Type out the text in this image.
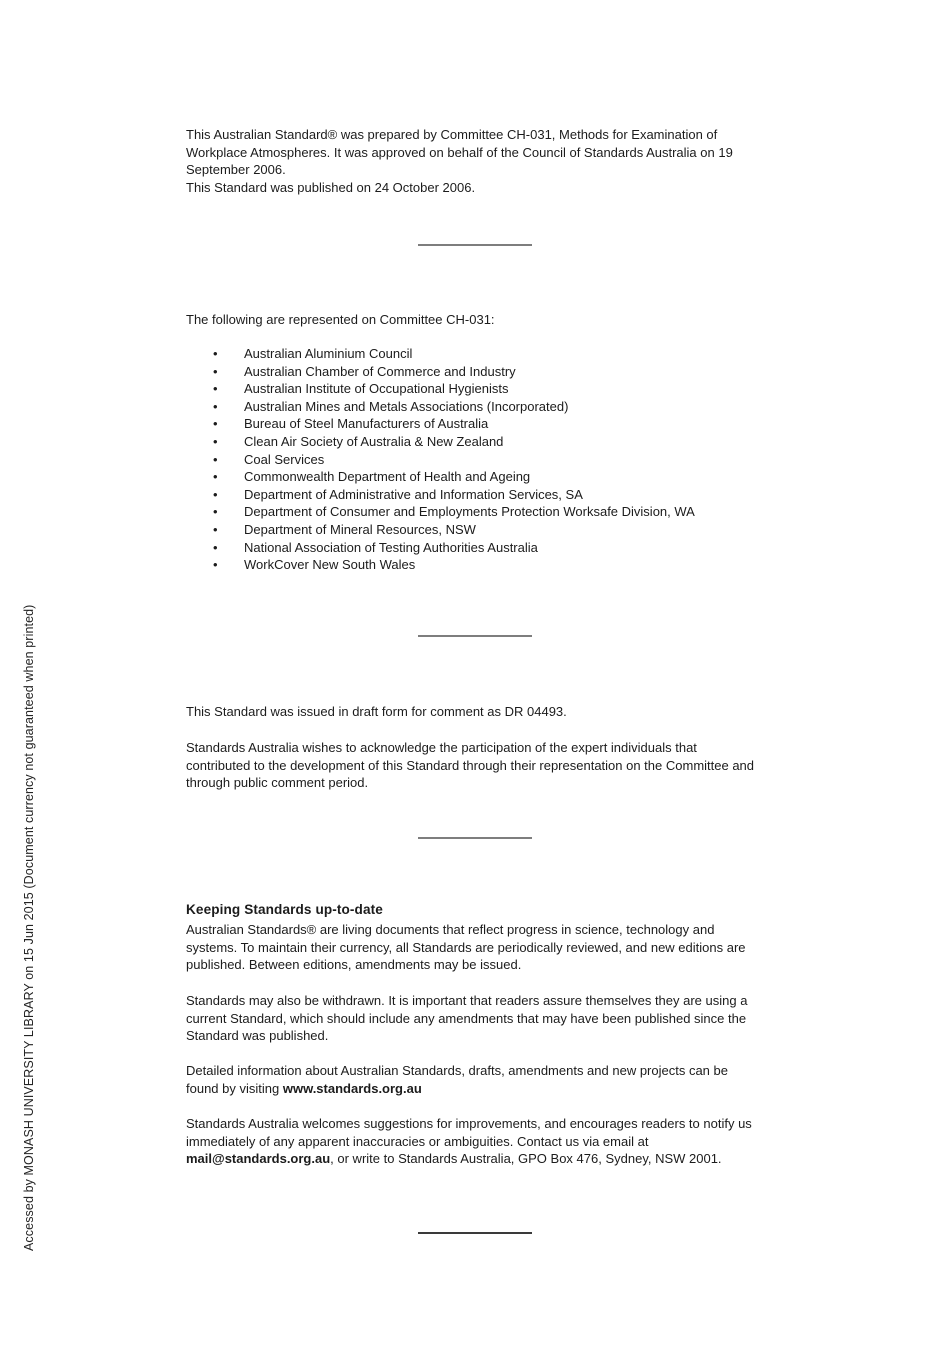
Accessed by MONASH UNIVERSITY LIBRARY on 15 Jun 2015 (Document currency not guaranteed when printed)
This Australian Standard® was prepared by Committee CH-031, Methods for Examination of Workplace Atmospheres. It was approved on behalf of the Council of Standards Australia on 19 September 2006.
This Standard was published on 24 October 2006.
The following are represented on Committee CH-031:
• Australian Aluminium Council
• Australian Chamber of Commerce and Industry
• Australian Institute of Occupational Hygienists
• Australian Mines and Metals Associations (Incorporated)
• Bureau of Steel Manufacturers of Australia
• Clean Air Society of Australia & New Zealand
• Coal Services
• Commonwealth Department of Health and Ageing
• Department of Administrative and Information Services, SA
• Department of Consumer and Employments Protection Worksafe Division, WA
• Department of Mineral Resources, NSW
• National Association of Testing Authorities Australia
• WorkCover New South Wales
This Standard was issued in draft form for comment as DR 04493.
Standards Australia wishes to acknowledge the participation of the expert individuals that contributed to the development of this Standard through their representation on the Committee and through public comment period.
Keeping Standards up-to-date
Australian Standards® are living documents that reflect progress in science, technology and systems. To maintain their currency, all Standards are periodically reviewed, and new editions are published. Between editions, amendments may be issued.
Standards may also be withdrawn. It is important that readers assure themselves they are using a current Standard, which should include any amendments that may have been published since the Standard was published.
Detailed information about Australian Standards, drafts, amendments and new projects can be found by visiting www.standards.org.au
Standards Australia welcomes suggestions for improvements, and encourages readers to notify us immediately of any apparent inaccuracies or ambiguities. Contact us via email at mail@standards.org.au, or write to Standards Australia, GPO Box 476, Sydney, NSW 2001.
